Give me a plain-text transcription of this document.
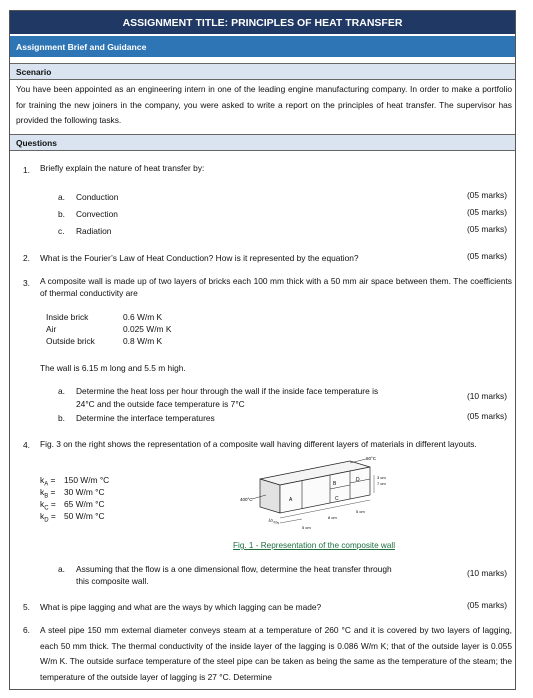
ASSIGNMENT TITLE: PRINCIPLES OF HEAT TRANSFER
Assignment Brief and Guidance
Scenario
You have been appointed as an engineering intern in one of the leading engine manufacturing company. In order to make a portfolio for training the new joiners in the company, you were asked to write a report on the principles of heat transfer. The supervisor has provided the following tasks.
Questions
1. Briefly explain the nature of heat transfer by:
a. Conduction	(05 marks)
b. Convection	(05 marks)
c. Radiation	(05 marks)
2. What is the Fourier’s Law of Heat Conduction? How is it represented by the equation?	(05 marks)
3. A composite wall is made up of two layers of bricks each 100 mm thick with a 50 mm air space between them. The coefficients of thermal conductivity are
Inside brick	0.6 W/m K
Air	0.025 W/m K
Outside brick	0.8 W/m K
The wall is 6.15 m long and 5.5 m high.
a. Determine the heat loss per hour through the wall if the inside face temperature is
24°C and the outside face temperature is 7°C
(10 marks)
b. Determine the interface temperatures	(05 marks)
4. Fig. 3 on the right shows the representation of a composite wall having different layers of materials in different layouts.
$k_A = 150$ W/m °C
$k_B = 30$ W/m °C
$k_C = 65$ W/m °C
$k_D = 50$ W/m °C
A
B
C
D
400°C
60°C
3 cm
7 cm
10 cm	8 cm
5 cm
5 cm
Fig. 1 - Representation of the composite wall
a. Assuming that the flow is a one dimensional flow, determine the heat transfer through
this composite wall.
(10 marks)
5. What is pipe lagging and what are the ways by which lagging can be made?	(05 marks)
6. A steel pipe 150 mm external diameter conveys steam at a temperature of 260 °C and it is covered by two layers of lagging, each 50 mm thick. The thermal conductivity of the inside layer of the lagging is 0.086 W/m K; that of the outside layer is 0.055 W/m K. The outside surface temperature of the steel pipe can be taken as being the same as the temperature of the steam; the temperature of the outside layer of lagging is 27 °C. Determine
